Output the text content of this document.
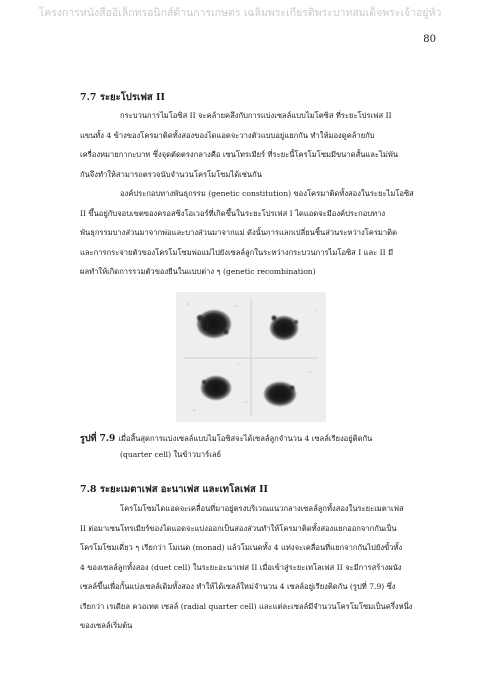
โครงการหนังสืออิเล็กทรอนิกส์ด้านการเกษตร เฉลิมพระเกียรติพระบาทสมเด็จพระเจ้าอยู่หัว
80
7.7 ระยะโปรเฟส II
กระบวนการไมโอซิส II จะคล้ายคลึงกับการแบ่งเซลล์แบบไมโตซิส ที่ระยะโปรเฟส II
แขนทั้ง 4 ข้างของโครมาติดทั้งสองของไดแอดจะวางตัวแบบอยู่แยกกัน ทำให้มองดูคล้ายกับ
เครื่องหมายกากะบาท ซึ่งจุดตัดตรงกลางคือ เซนโทรเมียร์ ที่ระยะนี้โครโมโซมมีขนาดสั้นและไม่พัน
กันจึงทำให้สามารถตรวจนับจำนวนโครโมโซมได้เช่นกัน
องค์ประกอบทางพันธุกรรม (genetic constitution) ของโครมาติดทั้งสองในระยะไมโอซิส
II ขึ้นอยู่กับจอบเขตของครอสซิงโอเวอร์ที่เกิดขึ้นในระยะโปรเฟส I ไดแอดจะมีองค์ประกอบทาง
พันธุกรรมบางส่วนมาจากพ่อและบางส่วนมาจากแม่ ดังนั้นการแลกเปลี่ยนชิ้นส่วนระหว่างโครมาติด
และการกระจายตัวของโครโมโซมพ่อแม่ไปยังเซลล์ลูกในระหว่างกระบวนการไมโอซิส I และ II มี
ผลทำให้เกิดการรวมตัวของยีนในแบบต่าง ๆ (genetic recombination)
รูปที่ 7.9 เมื่อสิ้นสุดการแบ่งเซลล์แบบไมโอซิสจะได้เซลล์ลูกจำนวน 4 เซลล์เรียงอยู่ติดกัน
(quarter cell) ในข้าวบาร์เลย์
7.8 ระยะเมตาเฟส อะนาเฟส และเทโลเฟส II
โครโมโซมไดแอดจะเคลื่อนที่มาอยู่ตรงบริเวณแนวกลางเซลล์ลูกทั้งสองในระยะเมตาเฟส
II ต่อมาเซนโทรเมียร์ของไดแอดจะแบ่งออกเป็นสองส่วนทำให้โครมาติดทั้งสองแยกออกจากกันเป็น
โครโมโซมเดี่ยว ๆ เรียกว่า โมเนด (monad) แล้วโมเนดทั้ง 4 แท่งจะเคลื่อนที่แยกจากกันไปยังขั้วทั้ง
4 ของเซลล์ลูกทั้งสอง (duet cell) ในระยะอะนาเฟส II เมื่อเข้าสู่ระยะเทโลเฟส II จะมีการสร้างผนัง
เซลล์ขึ้นเพื่อกั้นแบ่งเซลล์เดิมทั้งสอง ทำให้ได้เซลล์ใหม่จำนวน 4 เซลล์อยู่เรียงติดกัน (รูปที่ 7.9) ซึ่ง
เรียกว่า เรเดียล ควอเทต เซลล์ (radial quarter cell) และแต่ละเซลล์มีจำนวนโครโมโซมเป็นครึ่งหนึ่ง
ของเซลล์เริ่มต้น
